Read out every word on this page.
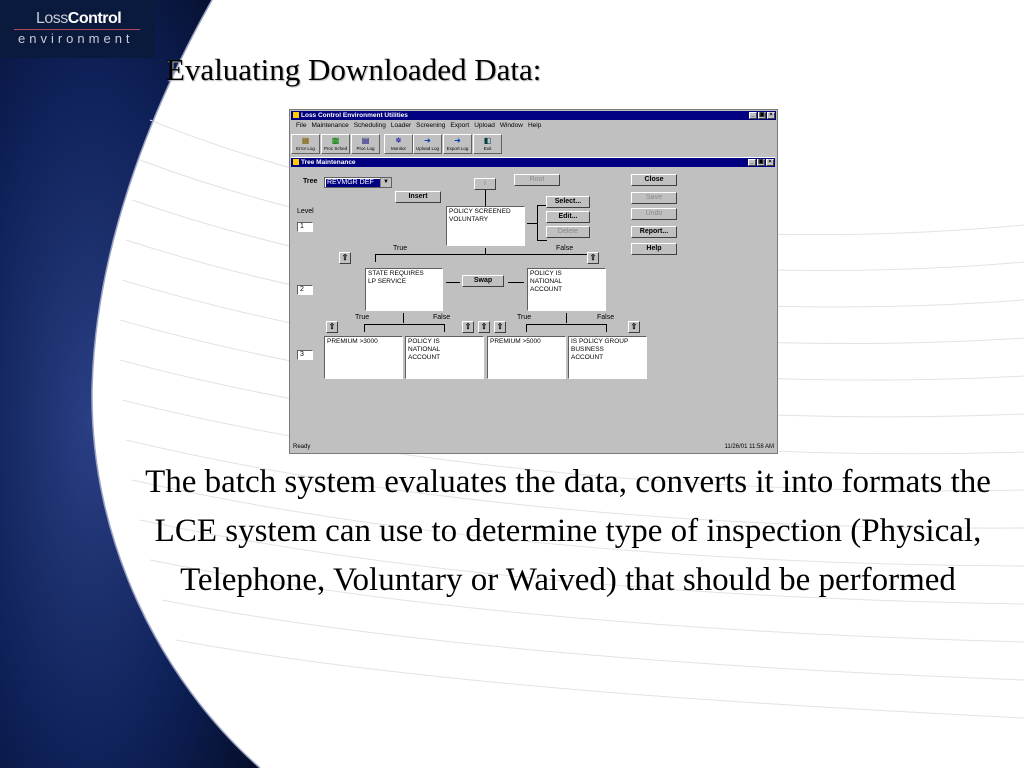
LossControl
environment
Evaluating Downloaded Data:
Loss Control Environment Utilities	_ ▣ ×
File Maintenance Scheduling Loader Screening Export Upload Window Help
▦
Error Log
▩
Proc Sched
▤
Proc Log
✵
Monitor
➜
Upload Log
➜
Export Log
◧
Exit
Tree Maintenance	_ ▣ ×
Tree REVMGR DEF	▼
Insert
⇩
Root
Level
1
2
3
POLICY SCREENED
VOLUNTARY
Select...
Edit...
Delete
Close
Save
Undo
Report...
Help
True	False
⇧	⇧
STATE REQUIRES
LP SERVICE	Swap
POLICY IS
NATIONAL
ACCOUNT
True	False
⇧	⇧
True	False
⇧	⇧	⇧
PREMIUM >3000	POLICY IS
NATIONAL
ACCOUNT
PREMIUM >5000	IS POLICY GROUP
BUSINESS
ACCOUNT
Ready	11/26/01 11:58 AM
The batch system evaluates the data, converts it into formats the LCE system can use to determine type of inspection (Physical, Telephone, Voluntary or Waived) that should be performed
